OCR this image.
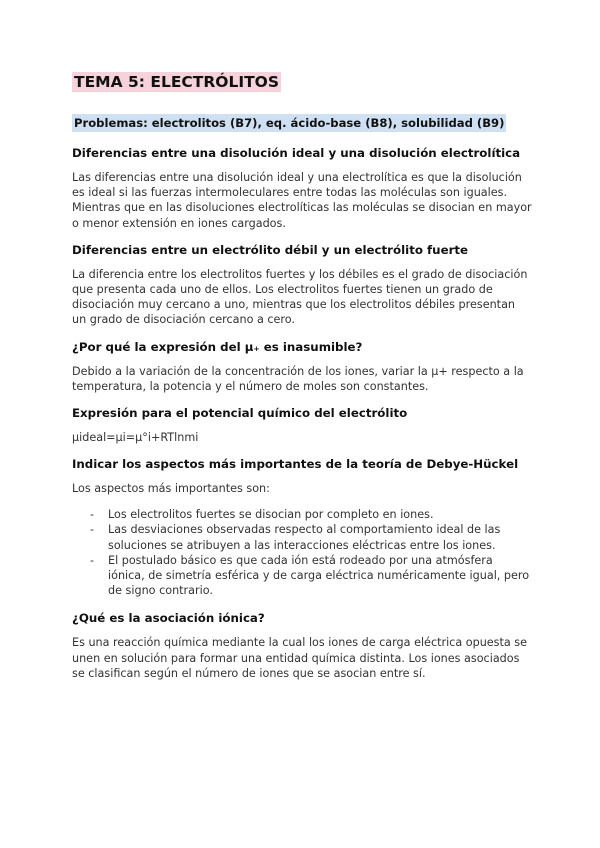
TEMA 5: ELECTRÓLITOS
Problemas: electrolitos (B7), eq. ácido-base (B8), solubilidad (B9)
Diferencias entre una disolución ideal y una disolución electrolítica
Las diferencias entre una disolución ideal y una electrolítica es que la disolución es ideal si las fuerzas intermoleculares entre todas las moléculas son iguales. Mientras que en las disoluciones electrolíticas las moléculas se disocian en mayor o menor extensión en iones cargados.
Diferencias entre un electrólito débil y un electrólito fuerte
La diferencia entre los electrolitos fuertes y los débiles es el grado de disociación que presenta cada uno de ellos. Los electrolitos fuertes tienen un grado de disociación muy cercano a uno, mientras que los electrolitos débiles presentan un grado de disociación cercano a cero.
¿Por qué la expresión del μ₊ es inasumible?
Debido a la variación de la concentración de los iones, variar la μ+ respecto a la temperatura, la potencia y el número de moles son constantes.
Expresión para el potencial químico del electrólito
μideal=μi=μ°i+RTlnmi
Indicar los aspectos más importantes de la teoría de Debye-Hückel
Los aspectos más importantes son:
- Los electrolitos fuertes se disocian por completo en iones.
- Las desviaciones observadas respecto al comportamiento ideal de las soluciones se atribuyen a las interacciones eléctricas entre los iones.
- El postulado básico es que cada ión está rodeado por una atmósfera iónica, de simetría esférica y de carga eléctrica numéricamente igual, pero de signo contrario.
¿Qué es la asociación iónica?
Es una reacción química mediante la cual los iones de carga eléctrica opuesta se unen en solución para formar una entidad química distinta. Los iones asociados se clasifican según el número de iones que se asocian entre sí.
